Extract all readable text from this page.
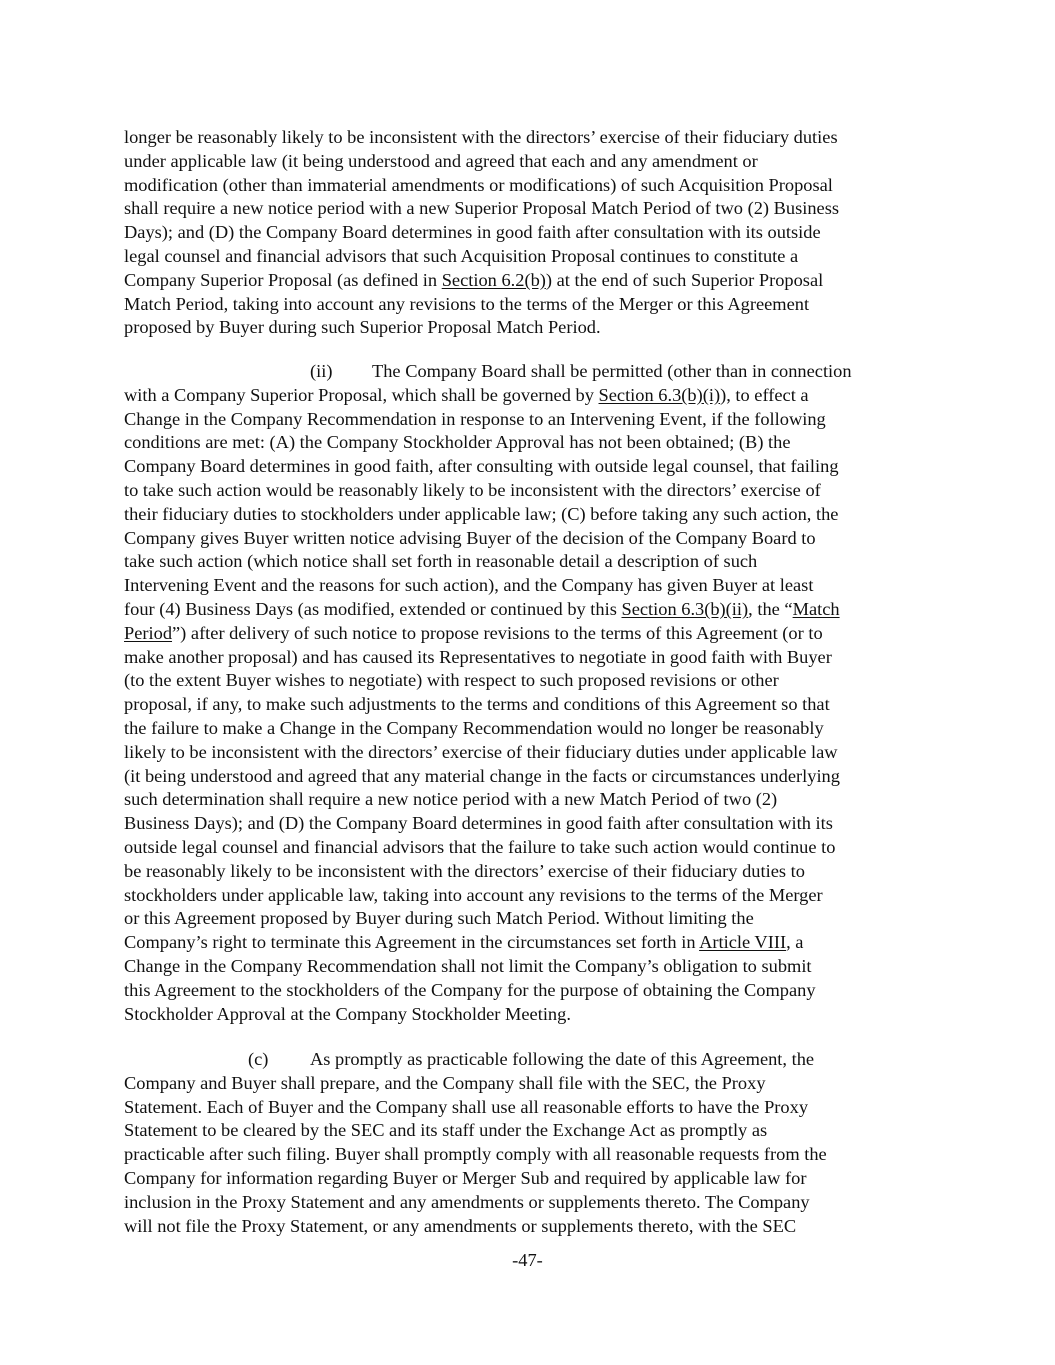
longer be reasonably likely to be inconsistent with the directors’ exercise of their fiduciary duties
under applicable law (it being understood and agreed that each and any amendment or
modification (other than immaterial amendments or modifications) of such Acquisition Proposal
shall require a new notice period with a new Superior Proposal Match Period of two (2) Business
Days); and (D) the Company Board determines in good faith after consultation with its outside
legal counsel and financial advisors that such Acquisition Proposal continues to constitute a
Company Superior Proposal (as defined in Section 6.2(b)) at the end of such Superior Proposal
Match Period, taking into account any revisions to the terms of the Merger or this Agreement
proposed by Buyer during such Superior Proposal Match Period.
(ii) The Company Board shall be permitted (other than in connection
with a Company Superior Proposal, which shall be governed by Section 6.3(b)(i)), to effect a
Change in the Company Recommendation in response to an Intervening Event, if the following
conditions are met: (A) the Company Stockholder Approval has not been obtained; (B) the
Company Board determines in good faith, after consulting with outside legal counsel, that failing
to take such action would be reasonably likely to be inconsistent with the directors’ exercise of
their fiduciary duties to stockholders under applicable law; (C) before taking any such action, the
Company gives Buyer written notice advising Buyer of the decision of the Company Board to
take such action (which notice shall set forth in reasonable detail a description of such
Intervening Event and the reasons for such action), and the Company has given Buyer at least
four (4) Business Days (as modified, extended or continued by this Section 6.3(b)(ii), the “Match
Period”) after delivery of such notice to propose revisions to the terms of this Agreement (or to
make another proposal) and has caused its Representatives to negotiate in good faith with Buyer
(to the extent Buyer wishes to negotiate) with respect to such proposed revisions or other
proposal, if any, to make such adjustments to the terms and conditions of this Agreement so that
the failure to make a Change in the Company Recommendation would no longer be reasonably
likely to be inconsistent with the directors’ exercise of their fiduciary duties under applicable law
(it being understood and agreed that any material change in the facts or circumstances underlying
such determination shall require a new notice period with a new Match Period of two (2)
Business Days); and (D) the Company Board determines in good faith after consultation with its
outside legal counsel and financial advisors that the failure to take such action would continue to
be reasonably likely to be inconsistent with the directors’ exercise of their fiduciary duties to
stockholders under applicable law, taking into account any revisions to the terms of the Merger
or this Agreement proposed by Buyer during such Match Period. Without limiting the
Company’s right to terminate this Agreement in the circumstances set forth in Article VIII, a
Change in the Company Recommendation shall not limit the Company’s obligation to submit
this Agreement to the stockholders of the Company for the purpose of obtaining the Company
Stockholder Approval at the Company Stockholder Meeting.
(c) As promptly as practicable following the date of this Agreement, the
Company and Buyer shall prepare, and the Company shall file with the SEC, the Proxy
Statement. Each of Buyer and the Company shall use all reasonable efforts to have the Proxy
Statement to be cleared by the SEC and its staff under the Exchange Act as promptly as
practicable after such filing. Buyer shall promptly comply with all reasonable requests from the
Company for information regarding Buyer or Merger Sub and required by applicable law for
inclusion in the Proxy Statement and any amendments or supplements thereto. The Company
will not file the Proxy Statement, or any amendments or supplements thereto, with the SEC
-47-
